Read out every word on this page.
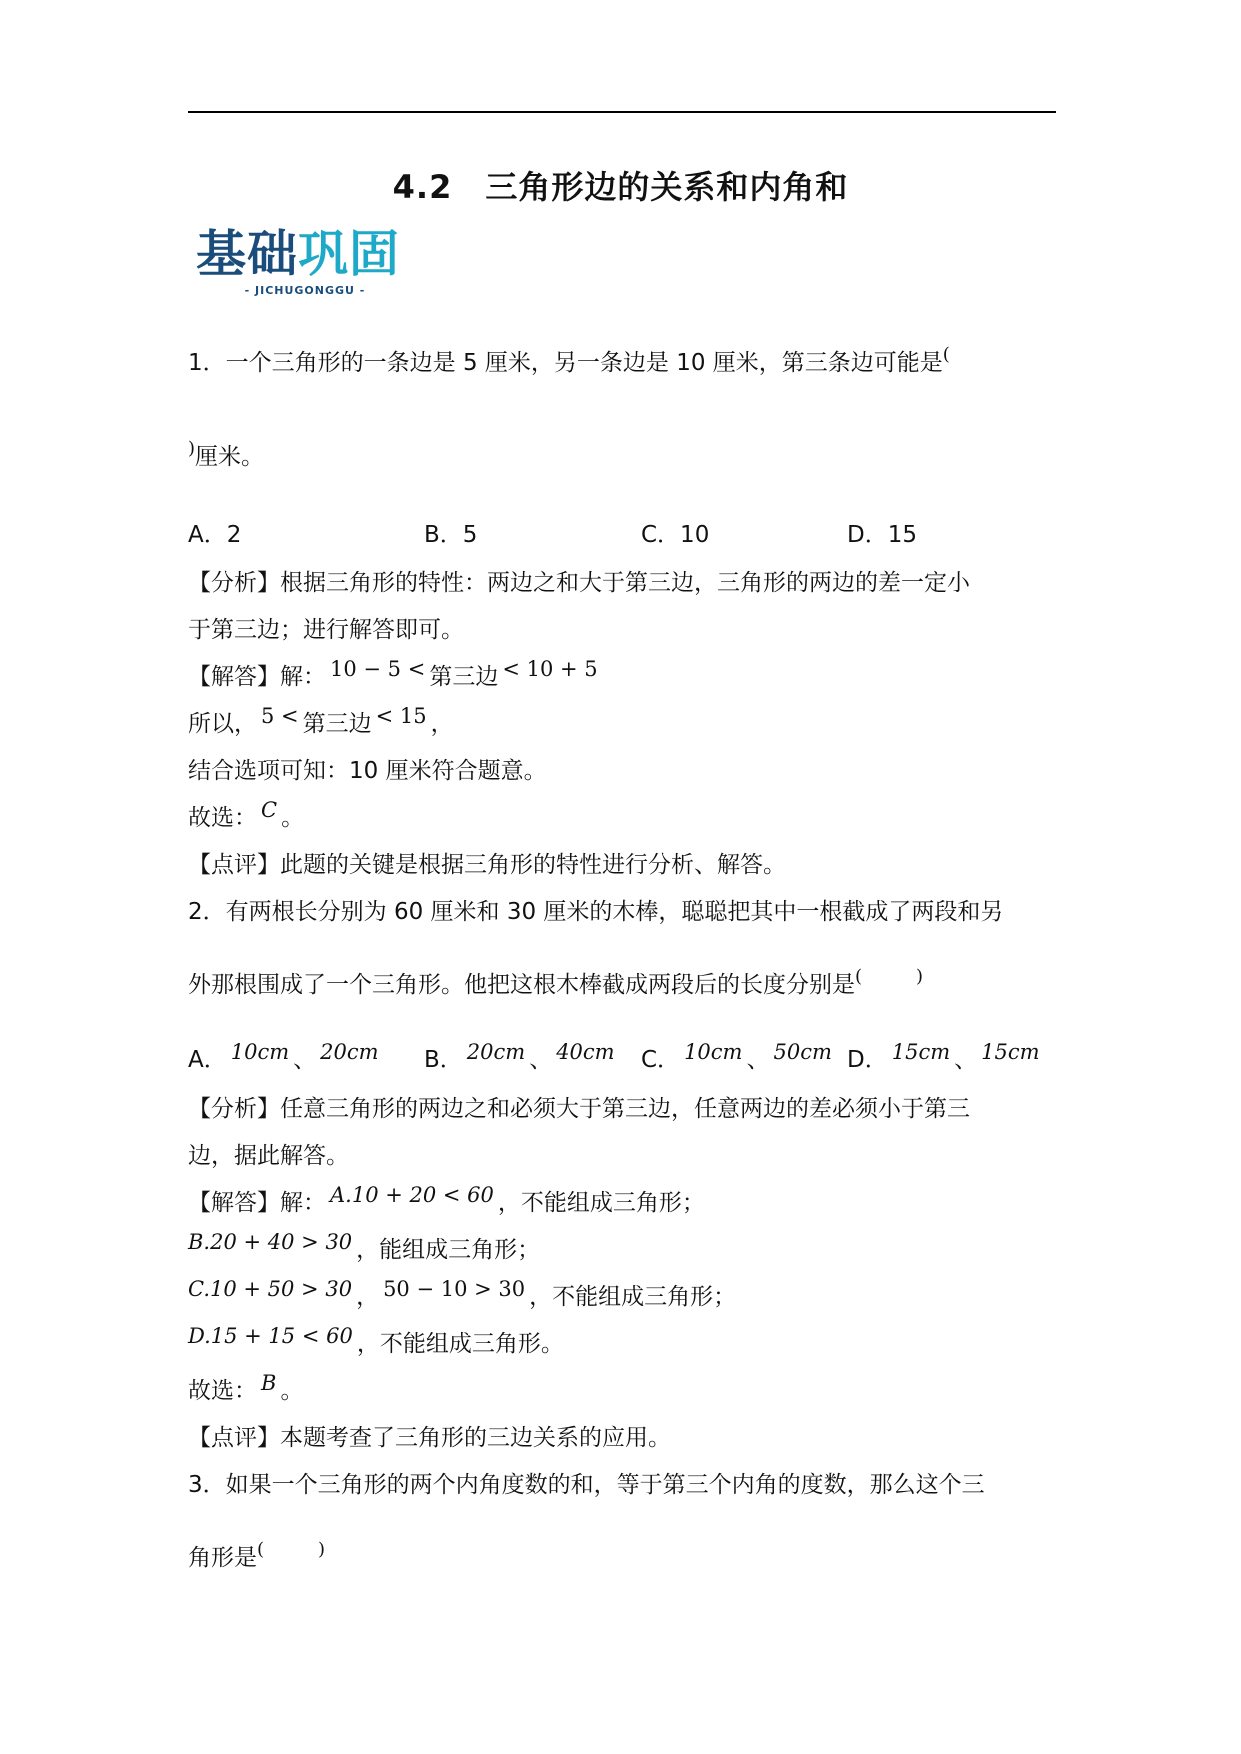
4.2　三角形边的关系和内角和
基础巩固
- JICHUGONGGU -
1．一个三角形的一条边是 5 厘米，另一条边是 10 厘米，第三条边可能是(
)厘米。
A．2	B．5	C．10	D．15
【分析】根据三角形的特性：两边之和大于第三边，三角形的两边的差一定小
于第三边；进行解答即可。
【解答】解： 10 − 5 < 第三边 < 10 + 5
所以， 5 < 第三边 < 15 ，
结合选项可知：10 厘米符合题意。
故选： C 。
【点评】此题的关键是根据三角形的特性进行分析、解答。
2．有两根长分别为 60 厘米和 30 厘米的木棒，聪聪把其中一根截成了两段和另
外那根围成了一个三角形。他把这根木棒截成两段后的长度分别是(　　　)
A． 10cm 、 20cm B． 20cm 、 40cm C． 10cm 、 50cm D． 15cm 、 15cm
【分析】任意三角形的两边之和必须大于第三边，任意两边的差必须小于第三
边，据此解答。
【解答】解： A.10 + 20 < 60 ，不能组成三角形；
B.20 + 40 > 30 ，能组成三角形；
C.10 + 50 > 30 ， 50 − 10 > 30 ，不能组成三角形；
D.15 + 15 < 60 ，不能组成三角形。
故选： B 。
【点评】本题考查了三角形的三边关系的应用。
3．如果一个三角形的两个内角度数的和，等于第三个内角的度数，那么这个三
角形是(　　　)
